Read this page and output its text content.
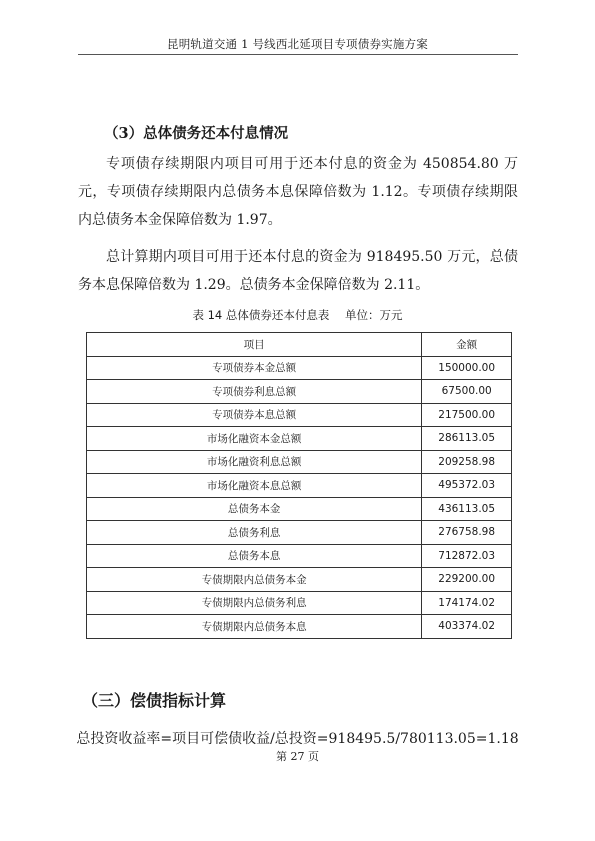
昆明轨道交通 1 号线西北延项目专项债券实施方案
（3）总体债务还本付息情况
专项债存续期限内项目可用于还本付息的资金为 450854.80 万元，专项债存续期限内总债务本息保障倍数为 1.12。专项债存续期限内总债务本金保障倍数为 1.97。
总计算期内项目可用于还本付息的资金为 918495.50 万元，总债务本息保障倍数为 1.29。总债务本金保障倍数为 2.11。
表 14 总体债券还本付息表 单位：万元
项目	金额
专项债券本金总额	150000.00
专项债券利息总额	67500.00
专项债券本息总额	217500.00
市场化融资本金总额	286113.05
市场化融资利息总额	209258.98
市场化融资本息总额	495372.03
总债务本金	436113.05
总债务利息	276758.98
总债务本息	712872.03
专债期限内总债务本金	229200.00
专债期限内总债务利息	174174.02
专债期限内总债务本息	403374.02
（三）偿债指标计算
总投资收益率=项目可偿债收益/总投资=918495.5/780113.05=1.18
第 27 页
